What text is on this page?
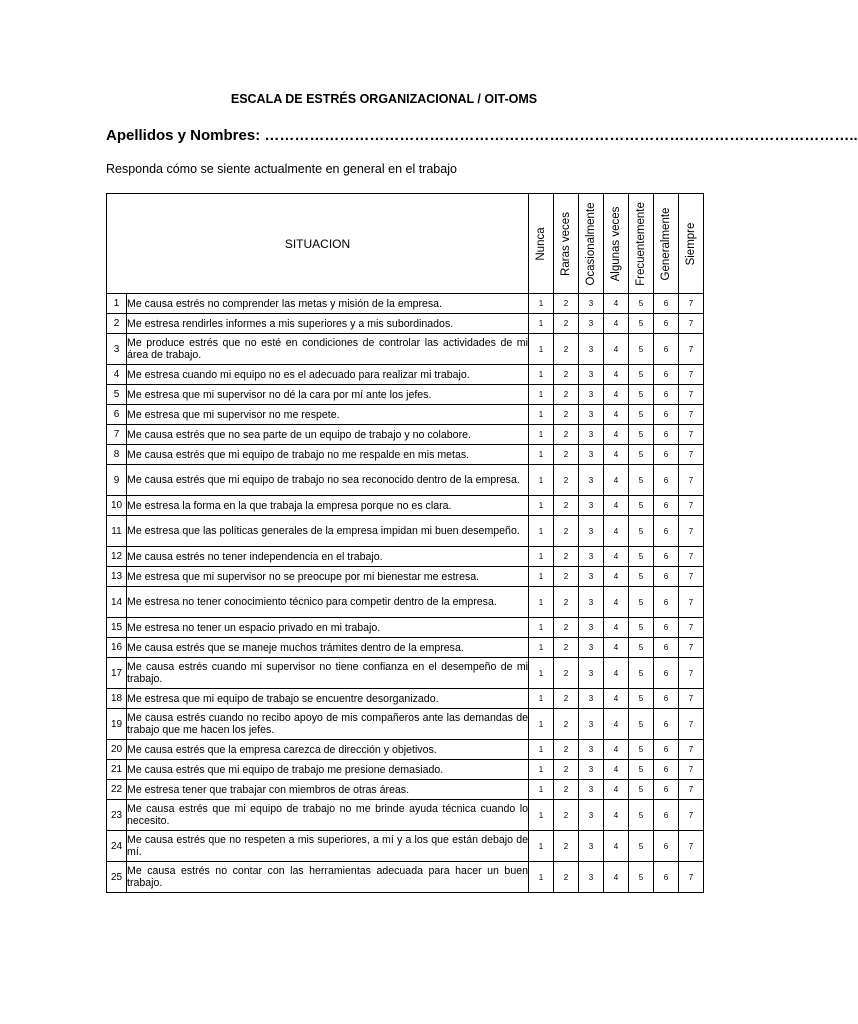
ESCALA DE ESTRÉS ORGANIZACIONAL / OIT-OMS
Apellidos y Nombres: ………………………………………………………………………………………………………..
Responda cómo se siente actualmente en general en el trabajo
SITUACION		Nunca	Raras veces	Ocasionalmente	Algunas veces	Frecuentemente	Generalmente	Siempre

1	Me causa estrés no comprender las metas y misión de la empresa.	1	2	3	4	5	6	7
2	Me estresa rendirles informes a mis superiores y a mis subordinados.	1	2	3	4	5	6	7
3	Me produce estrés que no esté en condiciones de controlar las actividades de mi área de trabajo.	1	2	3	4	5	6	7
4	Me estresa cuando mi equipo no es el adecuado para realizar mi trabajo.	1	2	3	4	5	6	7
5	Me estresa que mi supervisor no dé la cara por mí ante los jefes.	1	2	3	4	5	6	7
6	Me estresa que mi supervisor no me respete.	1	2	3	4	5	6	7
7	Me causa estrés que no sea parte de un equipo de trabajo y no colabore.	1	2	3	4	5	6	7
8	Me causa estrés que mi equipo de trabajo no me respalde en mis metas.	1	2	3	4	5	6	7
9	Me causa estrés que mi equipo de trabajo no sea reconocido dentro de la empresa.	1	2	3	4	5	6	7
10	Me estresa la forma en la que trabaja la empresa porque no es clara.	1	2	3	4	5	6	7
11	Me estresa que las políticas generales de la empresa impidan mi buen desempeño.	1	2	3	4	5	6	7
12	Me causa estrés no tener independencia en el trabajo.	1	2	3	4	5	6	7
13	Me estresa que mi supervisor no se preocupe por mi bienestar me estresa.	1	2	3	4	5	6	7
14	Me estresa no tener conocimiento técnico para competir dentro de la empresa.	1	2	3	4	5	6	7
15	Me estresa no tener un espacio privado en mi trabajo.	1	2	3	4	5	6	7
16	Me causa estrés que se maneje muchos trámites dentro de la empresa.	1	2	3	4	5	6	7
17	Me causa estrés cuando mi supervisor no tiene confianza en el desempeño de mi trabajo.	1	2	3	4	5	6	7
18	Me estresa que mi equipo de trabajo se encuentre desorganizado.	1	2	3	4	5	6	7
19	Me causa estrés cuando no recibo apoyo de mis compañeros ante las demandas de trabajo que me hacen los jefes.	1	2	3	4	5	6	7
20	Me causa estrés que la empresa carezca de dirección y objetivos.	1	2	3	4	5	6	7
21	Me causa estrés que mi equipo de trabajo me presione demasiado.	1	2	3	4	5	6	7
22	Me estresa tener que trabajar con miembros de otras áreas.	1	2	3	4	5	6	7
23	Me causa estrés que mi equipo de trabajo no me brinde ayuda técnica cuando lo necesito.	1	2	3	4	5	6	7
24	Me causa estrés que no respeten a mis superiores, a mí y a los que están debajo de mí.	1	2	3	4	5	6	7
25	Me causa estrés no contar con las herramientas adecuada para hacer un buen trabajo.	1	2	3	4	5	6	7
